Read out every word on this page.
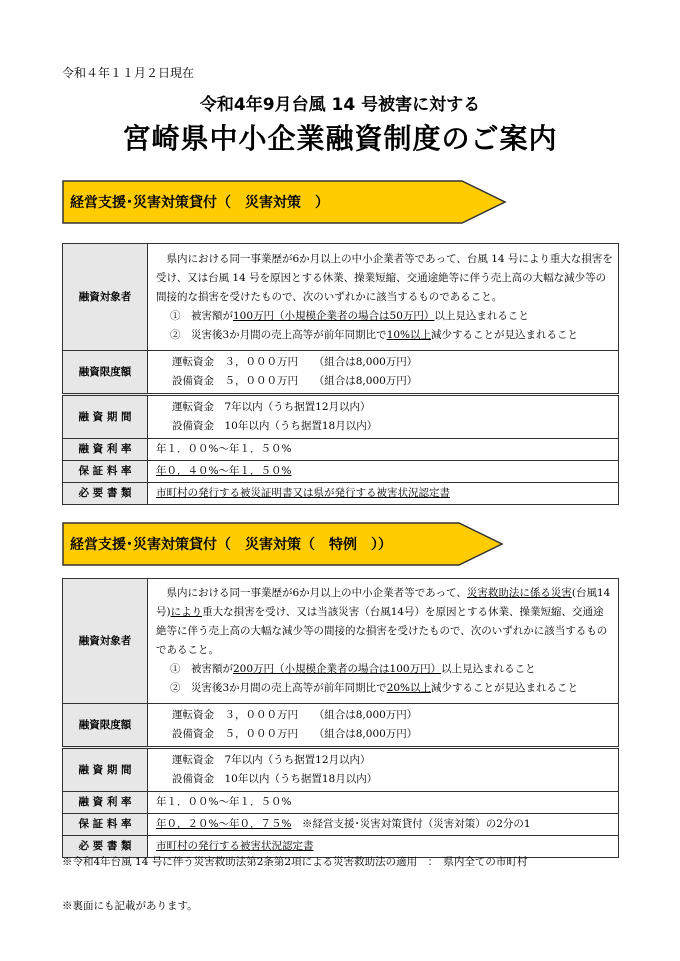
令和４年１１月２日現在
令和4年9月台風 14 号被害に対する
宮崎県中小企業融資制度のご案内
経営支援･災害対策貸付（　災害対策　）
融資対象者	県内における同一事業歴が6か月以上の中小企業者等であって、台風 14 号により重大な損害を受け、又は台風 14 号を原因とする休業、操業短縮、交通途絶等に伴う売上高の大幅な減少等の間接的な損害を受けたもので、次のいずれかに該当するものであること。
①　被害額が100万円（小規模企業者の場合は50万円）以上見込まれること
②　災害後3か月間の売上高等が前年同期比で10%以上減少することが見込まれること

融資限度額	運転資金　３，０００万円　　（組合は8,000万円）
設備資金　５，０００万円　　（組合は8,000万円）

融 資 期 間	運転資金　7年以内（うち据置12月以内）
設備資金　10年以内（うち据置18月以内）

融 資 利 率	年１．００%～年１．５０%
保 証 料 率	年０．４０%～年１．５０%
必 要 書 類	市町村の発行する被災証明書又は県が発行する被害状況認定書
経営支援･災害対策貸付（　災害対策（　特例　））
融資対象者	県内における同一事業歴が6か月以上の中小企業者等であって、災害救助法に係る災害(台風14号)により重大な損害を受け、又は当該災害（台風14号）を原因とする休業、操業短縮、交通途絶等に伴う売上高の大幅な減少等の間接的な損害を受けたもので、次のいずれかに該当するものであること。
①　被害額が200万円（小規模企業者の場合は100万円）以上見込まれること
②　災害後3か月間の売上高等が前年同期比で20%以上減少することが見込まれること

融資限度額	運転資金　３，０００万円　　（組合は8,000万円）
設備資金　５，０００万円　　（組合は8,000万円）

融 資 期 間	運転資金　7年以内（うち据置12月以内）
設備資金　10年以内（うち据置18月以内）

融 資 利 率	年１．００%～年１．５０%
保 証 料 率	年０．２０%～年０．７５%　※経営支援･災害対策貸付（災害対策）の2分の1
必 要 書 類	市町村の発行する被害状況認定書
※令和4年台風 14 号に伴う災害救助法第2条第2項による災害救助法の適用　：　県内全ての市町村
※裏面にも記載があります。
